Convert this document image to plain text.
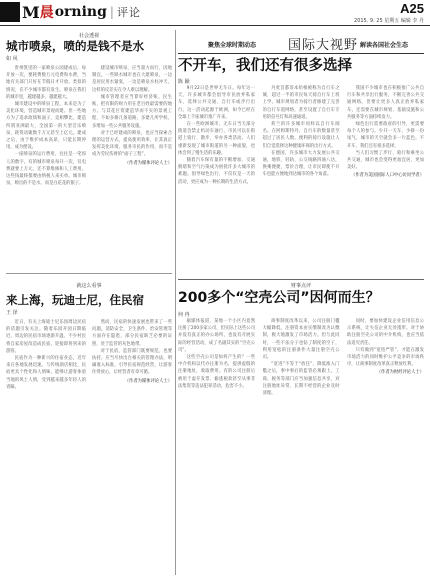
M 晨 orning | 评论	A25
2015. 9. 25 星期五 编辑 李 丹
社会透视
城市喷泉，喷的是钱不是水
如 风

贵州凯里的一家喷泉公园建成后，每开放一次，要耗费数万元电费和水费，当地有关部门只好在节假日才开放。类似的情况，在不少城市都有发生。喷泉在我们的城市里，越建越多，越建越大。

城市建设中的喷泉工程，本来是为了美化环境，营造城市景观而建。但一些地方为了追求政绩和面子，竞相攀比，建造所谓亚洲最大、全国第一的大型音乐喷泉，耗资动辄数千万元甚至上亿元。建成之后，由于维护成本高昂，只能长期停用，成为摆设。

一座喷泉的运行费用，往往是一笔惊人的数字。有的城市喷泉每开一次，仅电费就要上万元，还不算维修和人工费用。这些钱最终都要由纳税人来买单。城市喷泉，喷出的不是水，而是白花花的银子。

建设城市喷泉，应当量力而行，因地制宜。一些缺水城市也在大建喷泉，一边是居民用水紧张，一边是喷泉水柱冲天，这样的反差实在令人难以理解。

城市管理者应当算好经济账、民生账，把有限的财力用在老百姓最需要的地方。与其花巨资建造华而不实的景观工程，不如多修几条道路，多建几所学校，多增加一些公共服务设施。

对于已经建成的喷泉，也应当探索合理的运营方式，提高使用效率，让其真正发挥美化环境、服务市民的作用，而不是成为劳民伤财的“面子工程”。

（作者为媒体评论人士）
就这么看事
来上海，玩迪士尼，住民宿
王 泽

近日，有关上海迪士尼乐园周边民宿的话题引发关注。随着乐园开园日期临近，周边的民宿市场逐渐升温，不少村民将自家房屋改造成民宿，迎接即将到来的游客。

民宿作为一种新兴的住宿业态，近年来在各地发展迅速。与传统酒店相比，民宿更具个性化和人情味，能够让游客体验当地的风土人情，受到越来越多年轻人的青睐。

然而，民宿的快速发展也带来了一些问题。消防安全、卫生条件、治安管理等方面存在隐患，部分民宿缺乏必要的证照，处于监管的灰色地带。

对于民宿，监管部门既要规范，也要扶持。应当尽快出台相关的管理办法，明确准入标准，引导民宿规范经营，让游客住得放心，让经营者有章可循。

（作者为媒体评论人士）
聚焦全球时期动态 国际大视野 解读各国社会生态
不开车，我们还有很多选择
陈 颖

9月22日是世界无车日。每年这一天，许多城市都会倡导市民放弃私家车，选择公共交通、自行车或步行出行。这一活动起源于欧洲，如今已经在全球上千座城市推广开来。

在一些欧洲城市，无车日当天部分街道会禁止机动车通行，市民可以在街道上骑行、散步、举办各类活动。人们重新发现了城市街道的另一种面貌，也体会到了慢生活的乐趣。

随着汽车保有量的不断增加，交通拥堵和空气污染成为困扰许多大城市的难题。倡导绿色出行，不仅仅是一天的活动，更应成为一种长期的生活方式。

丹麦首都哥本哈根被称为自行车之城，超过一半的市民每天骑自行车上班上学。城市规划者为骑行者修建了完善的自行车道网络，甚至设置了自行车专用的信号灯和高速通道。

荷兰的许多城市同样以自行车闻名。在阿姆斯特丹，自行车的数量甚至超过了居民人数。便利的骑行设施让人们自觉选择这种健康环保的出行方式。

在德国，许多城市大力发展公共交通，地铁、轻轨、公交线路四通八达，换乘便捷，票价合理，让市民即使不开车也能方便地到达城市的各个角落。

我国不少城市也在积极推广公共自行车和共享出行服务，不断完善公共交通网络。但要让更多人真正放弃私家车，还需要在城市规划、基础设施和公共服务等方面持续发力。

绿色出行需要政府的引导，更需要每个人的参与。少开一天车，少排一份尾气，城市的天空就会多一片蓝色。不开车，我们还有很多选择。

当人们习惯了步行、骑行和乘坐公共交通，城市也会变得更加宜居、更加美好。

（作者为美国国际人口中心访问学者）
财事点评
200多个“空壳公司”因何而生？
何 冉

据媒体报道，某地一个小区内竟然注册了200多家公司，但实际上这些公司并没有真正的办公场所，也没有开展实际的经营活动，成了名副其实的“空壳公司”。

这些空壳公司是如何产生的？一些中介机构以代办注册为名，提供虚假的注册地址，收取费用。有的公司注册后被用于虚开发票、偷逃税款甚至从事非法集资等违法犯罪活动，危害不小。

商事制度改革以来，公司注册门槛大幅降低，注册资本由实缴制改为认缴制，极大地激发了市场活力。但与此同时，一些不法分子也钻了制度的空子，利用宽松的注册条件大量注册空壳公司。

“宽进”不等于“放任”，降低准入门槛之后，事中事后的监管必须跟上。工商、税务等部门应当加强信息共享，对注册地址异常、长期不经营的企业及时清理。

同时，要加快建设企业信用信息公示系统，让失信企业无处遁形。对于协助注册空壳公司的中介机构，也应当依法追究责任。

只有做到“宽进严管”，才能在激发市场活力的同时维护公平竞争的市场秩序，让商事制度改革真正释放红利。

（作者为财经评论人士）
